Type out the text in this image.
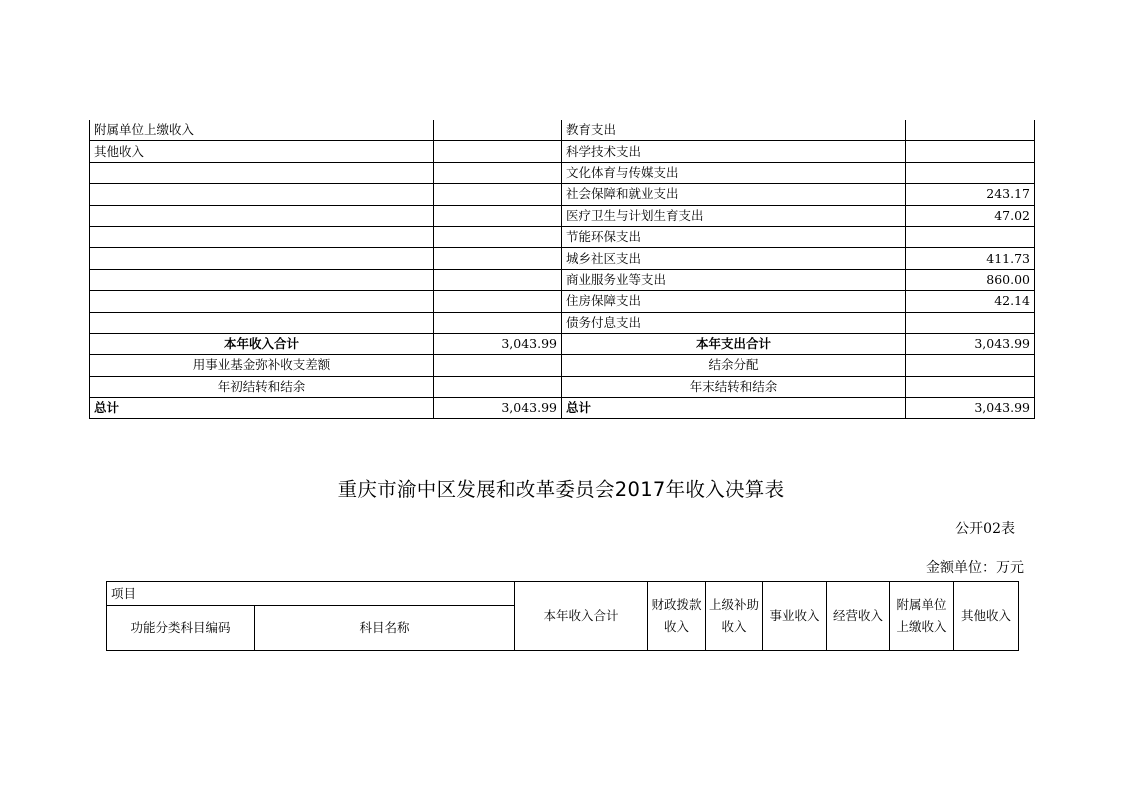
附属单位上缴收入		教育支出	
其他收入		科学技术支出	
		文化体育与传媒支出	
		社会保障和就业支出	243.17
		医疗卫生与计划生育支出	47.02
		节能环保支出	
		城乡社区支出	411.73
		商业服务业等支出	860.00
		住房保障支出	42.14
		债务付息支出	
本年收入合计	3,043.99	本年支出合计	3,043.99
用事业基金弥补收支差额		结余分配	
年初结转和结余		年末结转和结余	
总计	3,043.99	总计	3,043.99
重庆市渝中区发展和改革委员会2017年收入决算表
公开02表
金额单位：万元
项目		本年收入合计	财政拨款收入	上级补助收入	事业收入	经营收入	附属单位上缴收入	其他收入
功能分类科目编码	科目名称							
